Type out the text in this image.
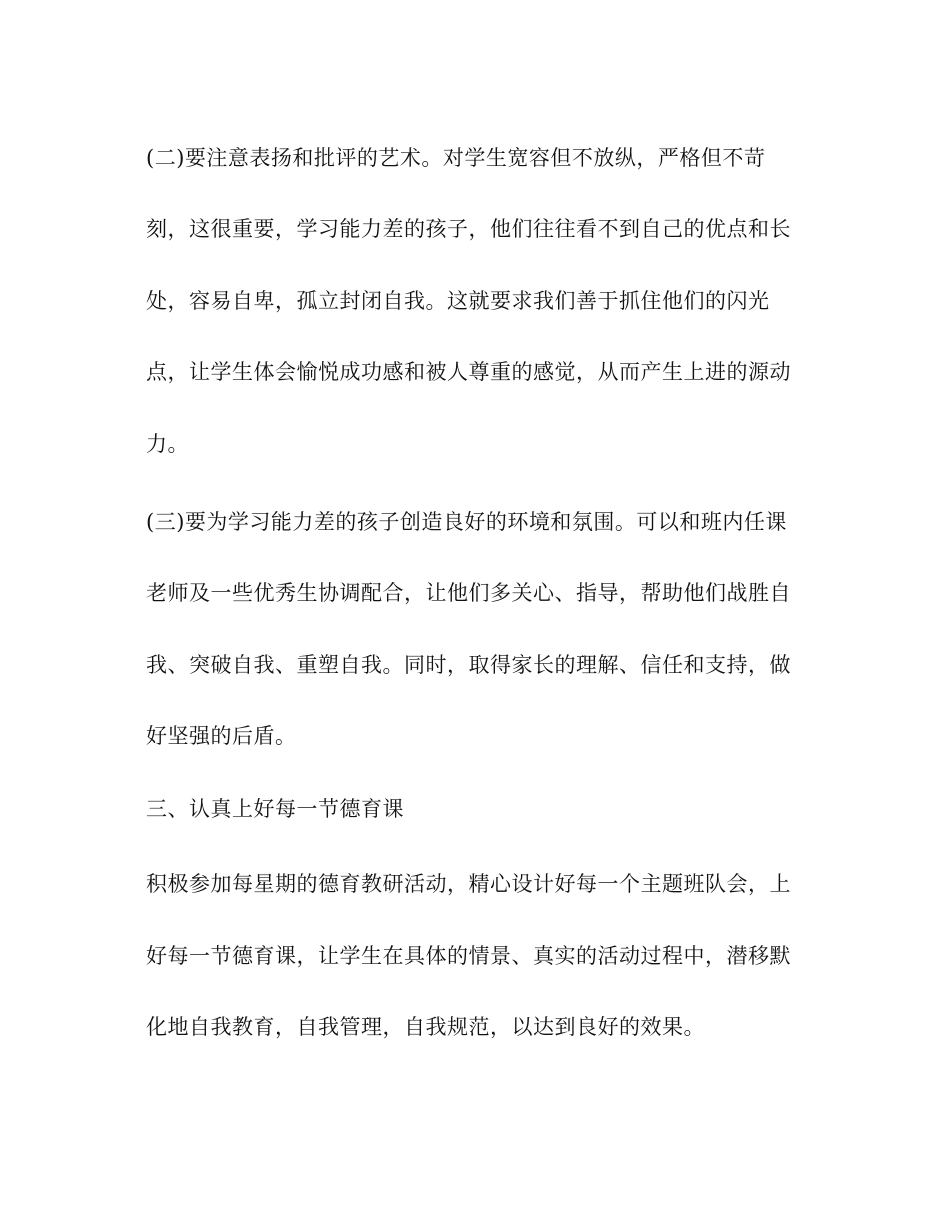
(二)要注意表扬和批评的艺术。对学生宽容但不放纵，严格但不苛
刻，这很重要，学习能力差的孩子，他们往往看不到自己的优点和长
处，容易自卑，孤立封闭自我。这就要求我们善于抓住他们的闪光
点，让学生体会愉悦成功感和被人尊重的感觉，从而产生上进的源动
力。
(三)要为学习能力差的孩子创造良好的环境和氛围。可以和班内任课
老师及一些优秀生协调配合，让他们多关心、指导，帮助他们战胜自
我、突破自我、重塑自我。同时，取得家长的理解、信任和支持，做
好坚强的后盾。
三、认真上好每一节德育课
积极参加每星期的德育教研活动，精心设计好每一个主题班队会，上
好每一节德育课，让学生在具体的情景、真实的活动过程中，潜移默
化地自我教育，自我管理，自我规范，以达到良好的效果。
